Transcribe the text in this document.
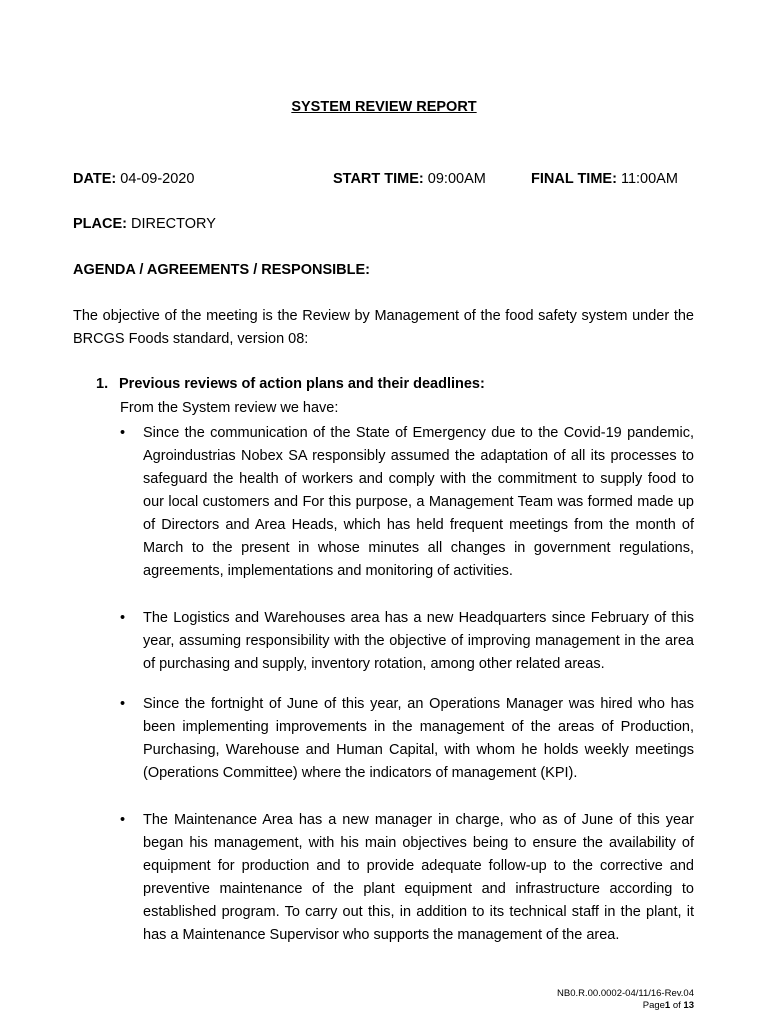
SYSTEM REVIEW REPORT
DATE: 04-09-2020	START TIME: 09:00AM	FINAL TIME: 11:00AM
PLACE: DIRECTORY
AGENDA / AGREEMENTS / RESPONSIBLE:
The objective of the meeting is the Review by Management of the food safety system under the BRCGS Foods standard, version 08:
1. Previous reviews of action plans and their deadlines:
From the System review we have:
•	Since the communication of the State of Emergency due to the Covid-19 pandemic, Agroindustrias Nobex SA responsibly assumed the adaptation of all its processes to safeguard the health of workers and comply with the commitment to supply food to our local customers and For this purpose, a Management Team was formed made up of Directors and Area Heads, which has held frequent meetings from the month of March to the present in whose minutes all changes in government regulations, agreements, implementations and monitoring of activities.
•	The Logistics and Warehouses area has a new Headquarters since February of this year, assuming responsibility with the objective of improving management in the area of purchasing and supply, inventory rotation, among other related areas.
•	Since the fortnight of June of this year, an Operations Manager was hired who has been implementing improvements in the management of the areas of Production, Purchasing, Warehouse and Human Capital, with whom he holds weekly meetings (Operations Committee) where the indicators of management (KPI).
•	The Maintenance Area has a new manager in charge, who as of June of this year began his management, with his main objectives being to ensure the availability of equipment for production and to provide adequate follow-up to the corrective and preventive maintenance of the plant equipment and infrastructure according to established program. To carry out this, in addition to its technical staff in the plant, it has a Maintenance Supervisor who supports the management of the area.
NB0.R.00.0002-04/11/16-Rev.04
Page1 of 13
